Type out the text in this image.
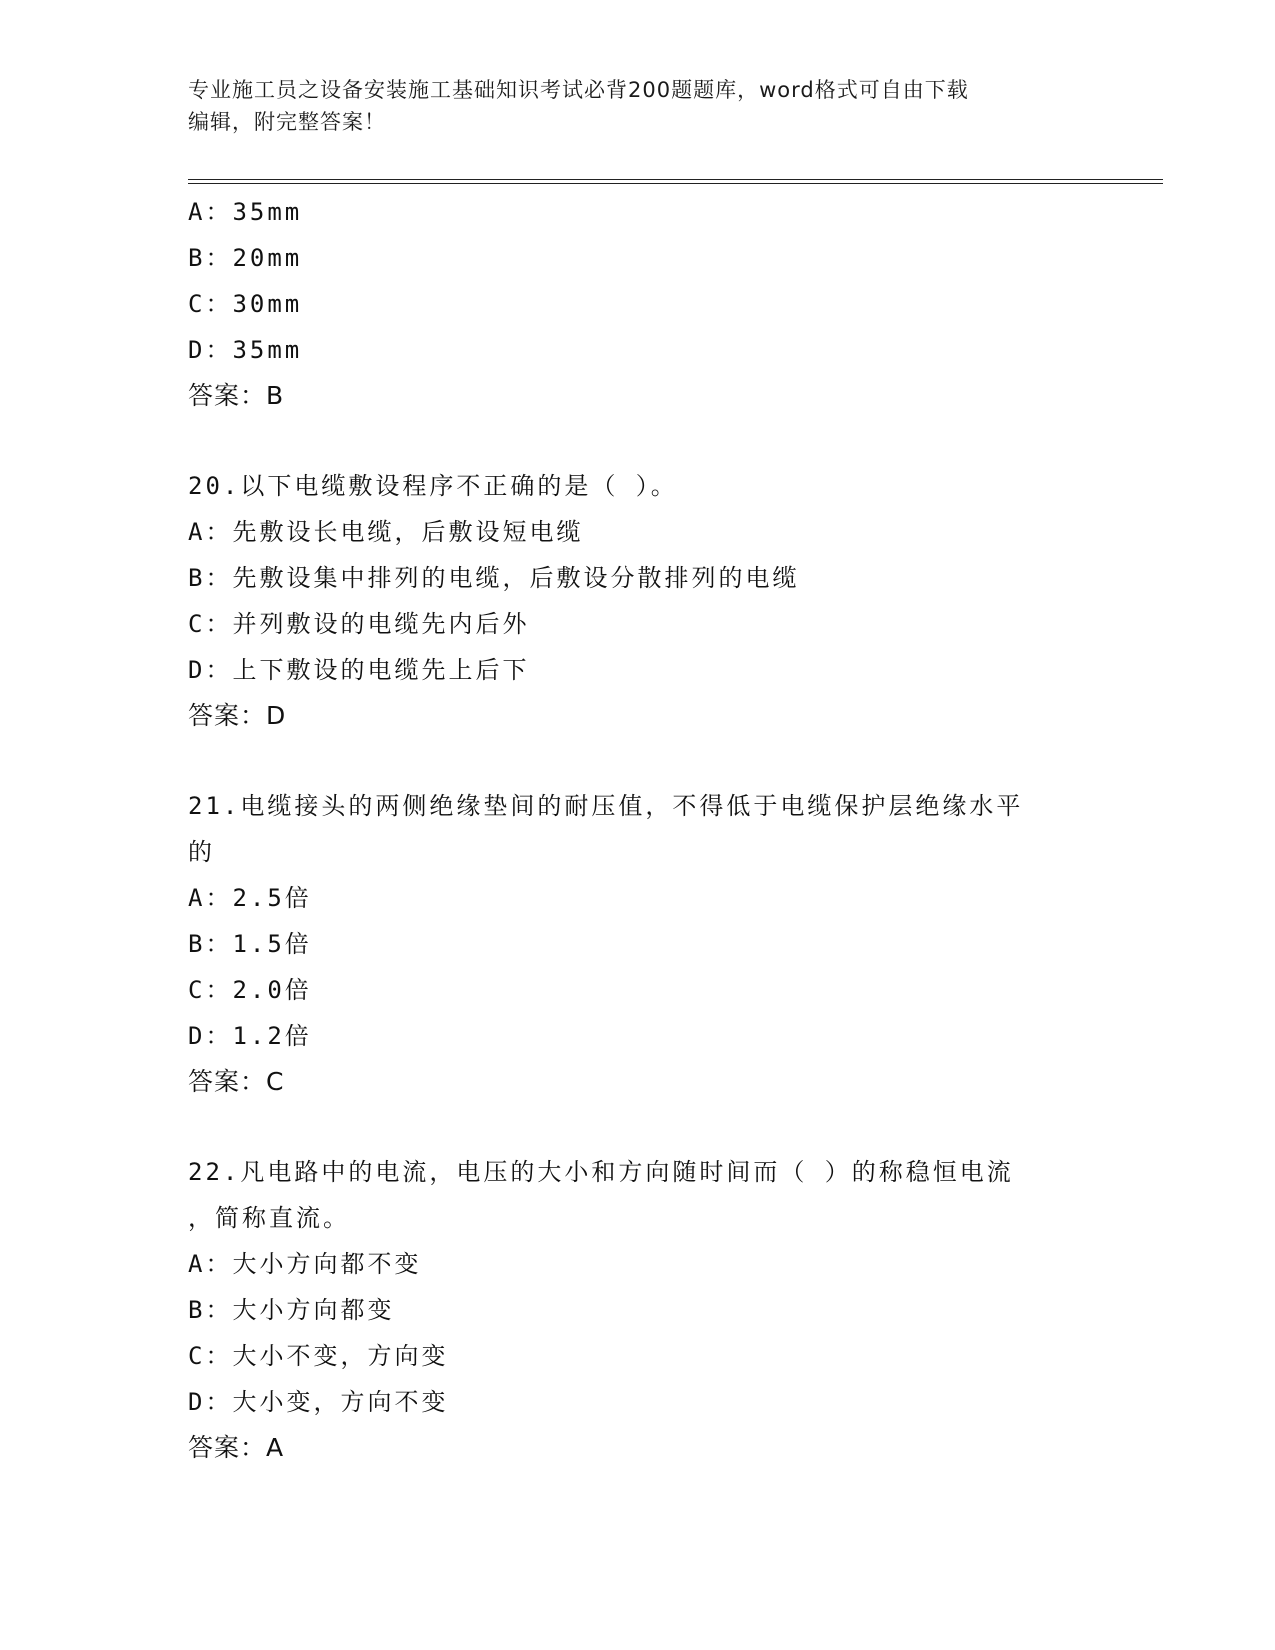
专业施工员之设备安装施工基础知识考试必背200题题库，word格式可自由下载
编辑，附完整答案！
A：35mm
B：20mm
C：30mm
D：35mm
答案：B
20.以下电缆敷设程序不正确的是（ ）。
A：先敷设长电缆，后敷设短电缆
B：先敷设集中排列的电缆，后敷设分散排列的电缆
C：并列敷设的电缆先内后外
D：上下敷设的电缆先上后下
答案：D
21.电缆接头的两侧绝缘垫间的耐压值，不得低于电缆保护层绝缘水平
的
A：2.5倍
B：1.5倍
C：2.0倍
D：1.2倍
答案：C
22.凡电路中的电流，电压的大小和方向随时间而（ ）的称稳恒电流
，简称直流。
A：大小方向都不变
B：大小方向都变
C：大小不变，方向变
D：大小变，方向不变
答案：A
